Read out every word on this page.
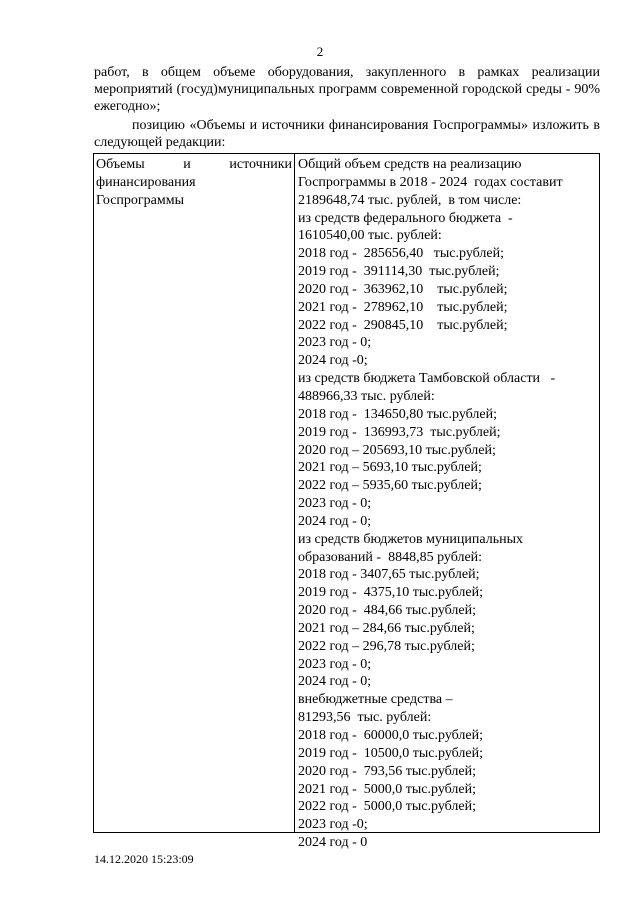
2
работ, в общем объеме оборудования, закупленного в рамках реализации мероприятий (госуд)муниципальных программ современной городской среды - 90% ежегодно»;
позицию «Объемы и источники финансирования Госпрограммы» изложить в следующей редакции:
Объемы	и	источники
финансирования
Госпрограммы
Общий объем средств на реализацию
Госпрограммы в 2018 - 2024  годах составит
2189648,74 тыс. рублей,  в том числе:
из средств федерального бюджета  -
1610540,00 тыс. рублей:
2018 год -  285656,40   тыс.рублей;
2019 год -  391114,30  тыс.рублей;
2020 год -  363962,10    тыс.рублей;
2021 год -  278962,10    тыс.рублей;
2022 год -  290845,10    тыс.рублей;
2023 год - 0;
2024 год -0;
из средств бюджета Тамбовской области   -
488966,33 тыс. рублей:
2018 год -  134650,80 тыс.рублей;
2019 год -  136993,73  тыс.рублей;
2020 год – 205693,10 тыс.рублей;
2021 год – 5693,10 тыс.рублей;
2022 год – 5935,60 тыс.рублей;
2023 год - 0;
2024 год - 0;
из средств бюджетов муниципальных
образований -  8848,85 рублей:
2018 год - 3407,65 тыс.рублей;
2019 год -  4375,10 тыс.рублей;
2020 год -  484,66 тыс.рублей;
2021 год – 284,66 тыс.рублей;
2022 год – 296,78 тыс.рублей;
2023 год - 0;
2024 год - 0;
внебюджетные средства –
81293,56  тыс. рублей:
2018 год -  60000,0 тыс.рублей;
2019 год -  10500,0 тыс.рублей;
2020 год -  793,56 тыс.рублей;
2021 год -  5000,0 тыс.рублей;
2022 год -  5000,0 тыс.рублей;
2023 год -0;
2024 год - 0
14.12.2020 15:23:09
